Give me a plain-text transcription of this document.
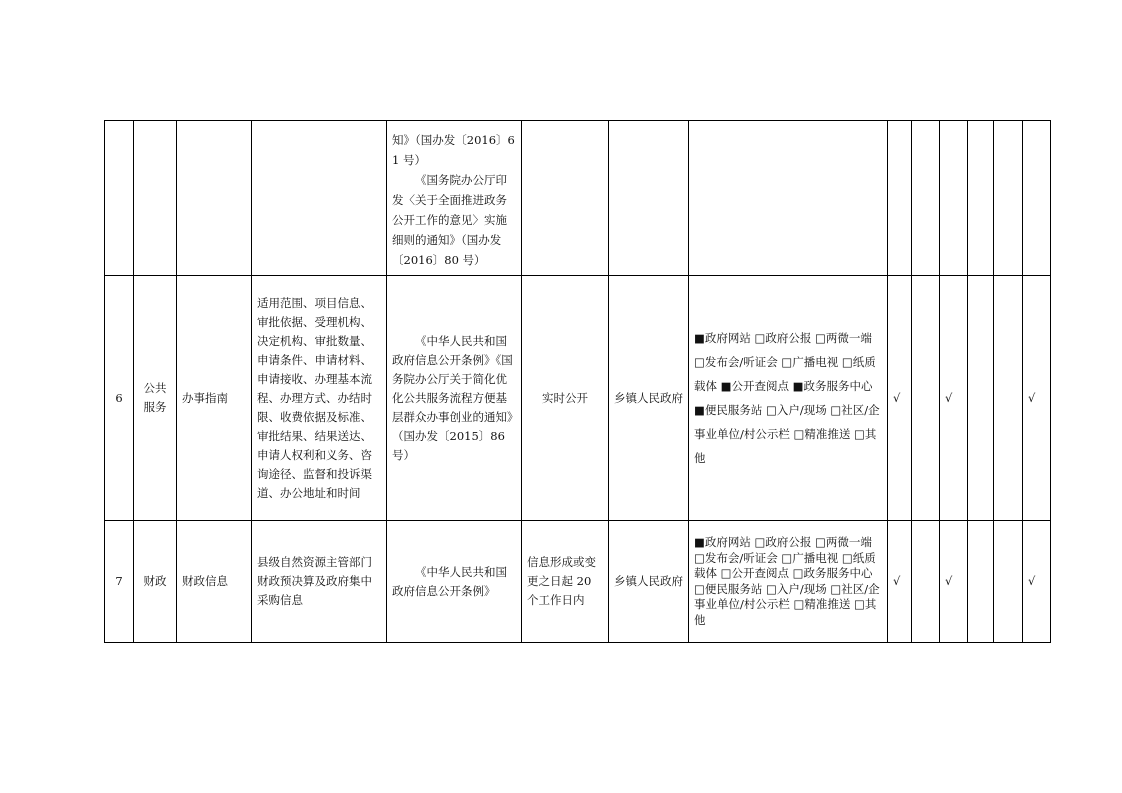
				知》（国办发〔2016〕61 号）

《国务院办公厅印发〈关于全面推进政务公开工作的意见〉实施细则的通知》（国办发〔2016〕80 号）									

6	公共服务	办事指南	适用范围、项目信息、审批依据、受理机构、决定机构、审批数量、申请条件、申请材料、申请接收、办理基本流程、办理方式、办结时限、收费依据及标准、审批结果、结果送达、申请人权利和义务、咨询途径、监督和投诉渠道、办公地址和时间	《中华人民共和国政府信息公开条例》《国务院办公厅关于简化优化公共服务流程方便基层群众办事创业的通知》（国办发〔2015〕86 号）	实时公开	乡镇人民政府	■政府网站 □政府公报 □两微一端 □发布会/听证会 □广播电视 □纸质载体 ■公开查阅点 ■政务服务中心 ■便民服务站 □入户/现场 □社区/企事业单位/村公示栏 □精准推送 □其他	√		√			√
7	财政	财政信息	县级自然资源主管部门财政预决算及政府集中采购信息	《中华人民共和国政府信息公开条例》	信息形成或变更之日起 20 个工作日内	乡镇人民政府	■政府网站 □政府公报 □两微一端 □发布会/听证会 □广播电视 □纸质载体 □公开查阅点 □政务服务中心 □便民服务站 □入户/现场 □社区/企事业单位/村公示栏 □精准推送 □其他	√		√			√
